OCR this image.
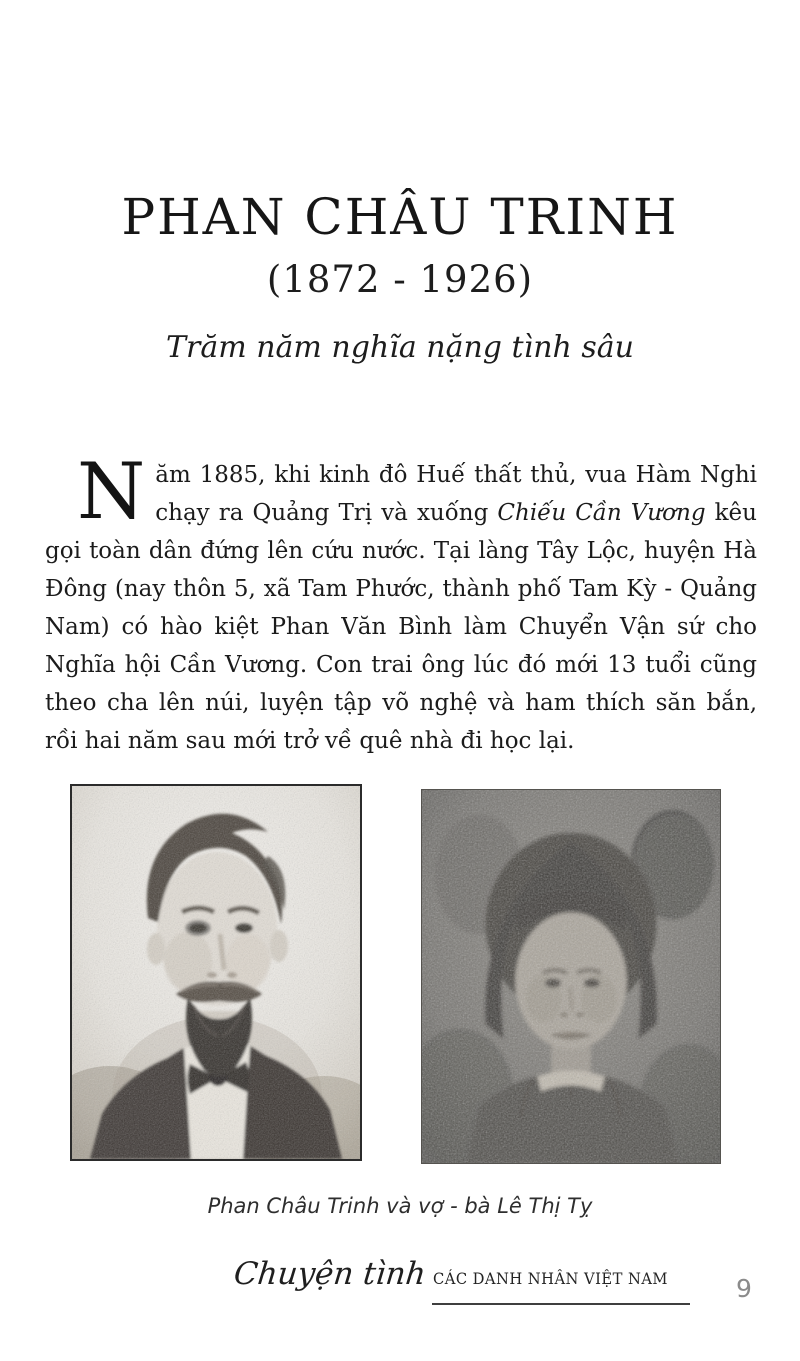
PHAN CHÂU TRINH
(1872 - 1926)
Trăm năm nghĩa nặng tình sâu

Năm 1885, khi kinh đô Huế thất thủ, vua Hàm Nghi chạy ra Quảng Trị và xuống Chiếu Cần Vương kêu gọi toàn dân đứng lên cứu nước. Tại làng Tây Lộc, huyện Hà Đông (nay thôn 5, xã Tam Phước, thành phố Tam Kỳ - Quảng Nam) có hào kiệt Phan Văn Bình làm Chuyển Vận sứ cho Nghĩa hội Cần Vương. Con trai ông lúc đó mới 13 tuổi cũng theo cha lên núi, luyện tập võ nghệ và ham thích săn bắn, rồi hai năm sau mới trở về quê nhà đi học lại.

Phan Châu Trinh và vợ - bà Lê Thị Tỵ
Chuyện tình CÁC DANH NHÂN VIỆT NAM	9
